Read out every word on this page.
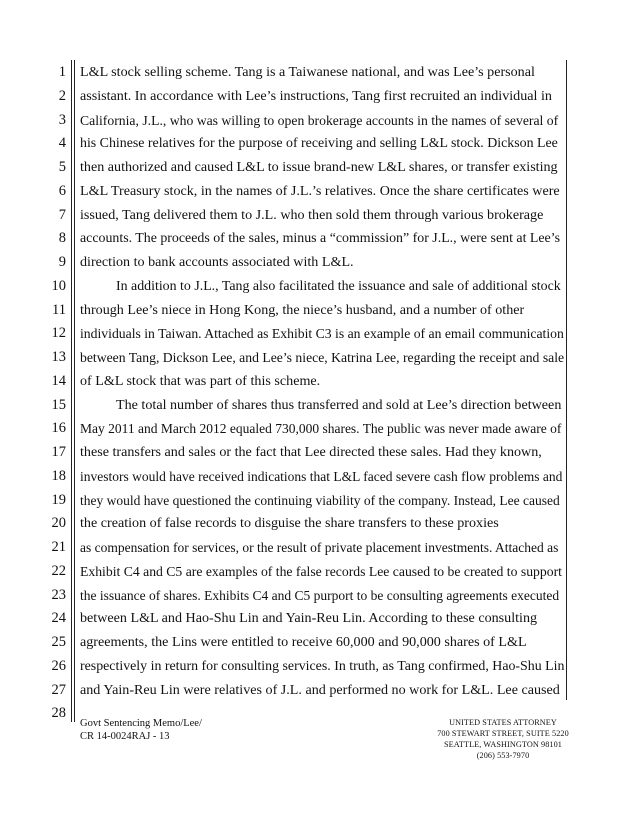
1
2
3
4
5
6
7
8
9
10
11
12
13
14
15
16
17
18
19
20
21
22
23
24
25
26
27
28
L&L stock selling scheme. Tang is a Taiwanese national, and was Lee’s personal
assistant. In accordance with Lee’s instructions, Tang first recruited an individual in
California, J.L., who was willing to open brokerage accounts in the names of several of
his Chinese relatives for the purpose of receiving and selling L&L stock. Dickson Lee
then authorized and caused L&L to issue brand-new L&L shares, or transfer existing
L&L Treasury stock, in the names of J.L.’s relatives. Once the share certificates were
issued, Tang delivered them to J.L. who then sold them through various brokerage
accounts. The proceeds of the sales, minus a “commission” for J.L., were sent at Lee’s
direction to bank accounts associated with L&L.
In addition to J.L., Tang also facilitated the issuance and sale of additional stock
through Lee’s niece in Hong Kong, the niece’s husband, and a number of other
individuals in Taiwan. Attached as Exhibit C3 is an example of an email communication
between Tang, Dickson Lee, and Lee’s niece, Katrina Lee, regarding the receipt and sale
of L&L stock that was part of this scheme.
The total number of shares thus transferred and sold at Lee’s direction between
May 2011 and March 2012 equaled 730,000 shares. The public was never made aware of
these transfers and sales or the fact that Lee directed these sales. Had they known,
investors would have received indications that L&L faced severe cash flow problems and
they would have questioned the continuing viability of the company. Instead, Lee caused
the creation of false records to disguise the share transfers to these proxies
as compensation for services, or the result of private placement investments. Attached as
Exhibit C4 and C5 are examples of the false records Lee caused to be created to support
the issuance of shares. Exhibits C4 and C5 purport to be consulting agreements executed
between L&L and Hao-Shu Lin and Yain-Reu Lin. According to these consulting
agreements, the Lins were entitled to receive 60,000 and 90,000 shares of L&L
respectively in return for consulting services. In truth, as Tang confirmed, Hao-Shu Lin
and Yain-Reu Lin were relatives of J.L. and performed no work for L&L. Lee caused
Govt Sentencing Memo/Lee/
CR 14-0024RAJ - 13
UNITED STATES ATTORNEY
700 STEWART STREET, SUITE 5220
SEATTLE, WASHINGTON 98101
(206) 553-7970
